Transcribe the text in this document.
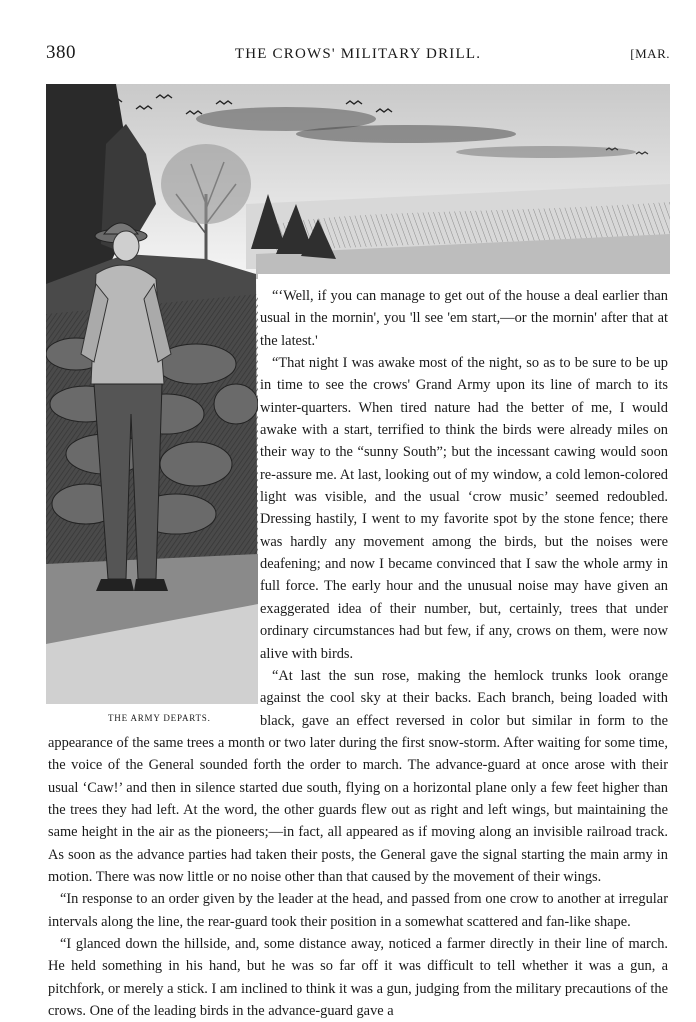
380	THE CROWS' MILITARY DRILL.	[MAR.
THE ARMY DEPARTS.

“‘Well, if you can manage to get out of the house a deal earlier than usual in the mornin', you 'll see 'em start,—or the mornin' after that at the latest.'

“That night I was awake most of the night, so as to be sure to be up in time to see the crows' Grand Army upon its line of march to its winter-quarters. When tired nature had the better of me, I would awake with a start, terrified to think the birds were already miles on their way to the “sunny South”; but the incessant cawing would soon re-assure me. At last, looking out of my window, a cold lemon-colored light was visible, and the usual ‘crow music’ seemed redoubled. Dressing hastily, I went to my favorite spot by the stone fence; there was hardly any movement among the birds, but the noises were deafening; and now I became convinced that I saw the whole army in full force. The early hour and the unusual noise may have given an exaggerated idea of their number, but, certainly, trees that under ordinary circumstances had but few, if any, crows on them, were now alive with birds.

“At last the sun rose, making the hemlock trunks look orange against the cool sky at their backs. Each branch, being loaded with black, gave an effect reversed in color but similar in form to the appearance of the same trees a month or two later during the first snow-storm. After waiting for some time, the voice of the General sounded forth the order to march. The advance-guard at once arose with their usual ‘Caw!’ and then in silence started due south, flying on a horizontal plane only a few feet higher than the trees they had left. At the word, the other guards flew out as right and left wings, but maintaining the same height in the air as the pioneers;—in fact, all appeared as if moving along an invisible railroad track. As soon as the advance parties had taken their posts, the General gave the signal starting the main army in motion. There was now little or no noise other than that caused by the movement of their wings.

“In response to an order given by the leader at the head, and passed from one crow to another at irregular intervals along the line, the rear-guard took their position in a somewhat scattered and fan-like shape.

“I glanced down the hillside, and, some distance away, noticed a farmer directly in their line of march. He held something in his hand, but he was so far off it was difficult to tell whether it was a gun, a pitchfork, or merely a stick. I am inclined to think it was a gun, judging from the military precautions of the crows. One of the leading birds in the advance-guard gave a
